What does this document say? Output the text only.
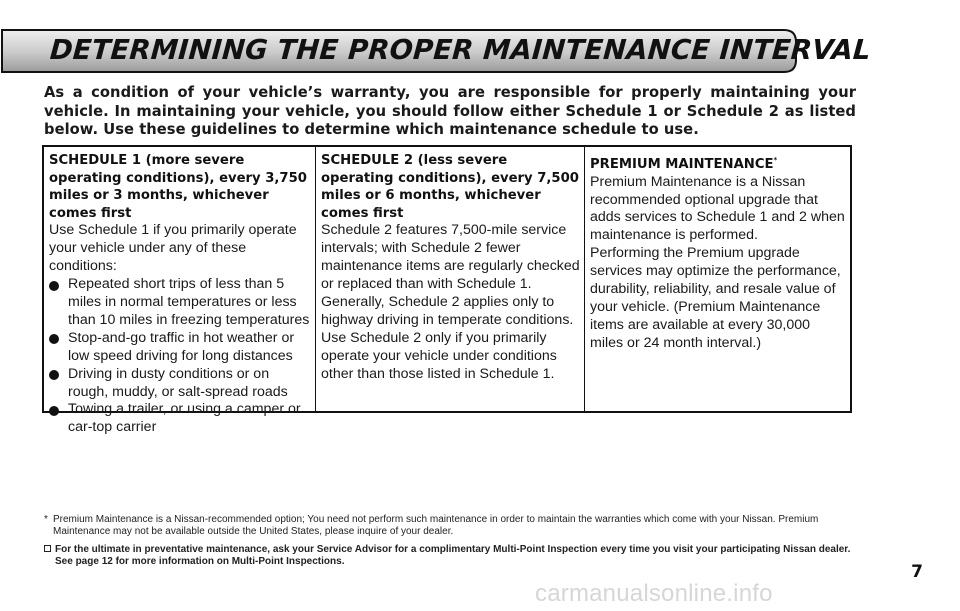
DETERMINING THE PROPER MAINTENANCE INTERVAL
As a condition of your vehicle’s warranty, you are responsible for properly maintaining your vehicle. In maintaining your vehicle, you should follow either Schedule 1 or Schedule 2 as listed below. Use these guidelines to determine which maintenance schedule to use.
SCHEDULE 1 (more severe operating conditions), every 3,750 miles or 3 months, whichever comes first
Use Schedule 1 if you primarily operate your vehicle under any of these conditions:
Repeated short trips of less than 5 miles in normal temperatures or less than 10 miles in freezing temperatures
Stop-and-go traffic in hot weather or low speed driving for long distances
Driving in dusty conditions or on rough, muddy, or salt-spread roads
Towing a trailer, or using a camper or car-top carrier
SCHEDULE 2 (less severe operating conditions), every 7,500 miles or 6 months, whichever comes first
Schedule 2 features 7,500-mile service intervals; with Schedule 2 fewer maintenance items are regularly checked or replaced than with Schedule 1.
Generally, Schedule 2 applies only to highway driving in temperate conditions. Use Schedule 2 only if you primarily operate your vehicle under conditions other than those listed in Schedule 1.
PREMIUM MAINTENANCE*
Premium Maintenance is a Nissan recommended optional upgrade that adds services to Schedule 1 and 2 when maintenance is performed.
Performing the Premium upgrade services may optimize the performance, durability, reliability, and resale value of your vehicle. (Premium Maintenance items are available at every 30,000 miles or 24 month interval.)
* Premium Maintenance is a Nissan-recommended option; You need not perform such maintenance in order to maintain the warranties which come with your Nissan. Premium Maintenance may not be available outside the United States, please inquire of your dealer.
For the ultimate in preventative maintenance, ask your Service Advisor for a complimentary Multi-Point Inspection every time you visit your participating Nissan dealer. See page 12 for more information on Multi-Point Inspections.
7
carmanualsonline.info
